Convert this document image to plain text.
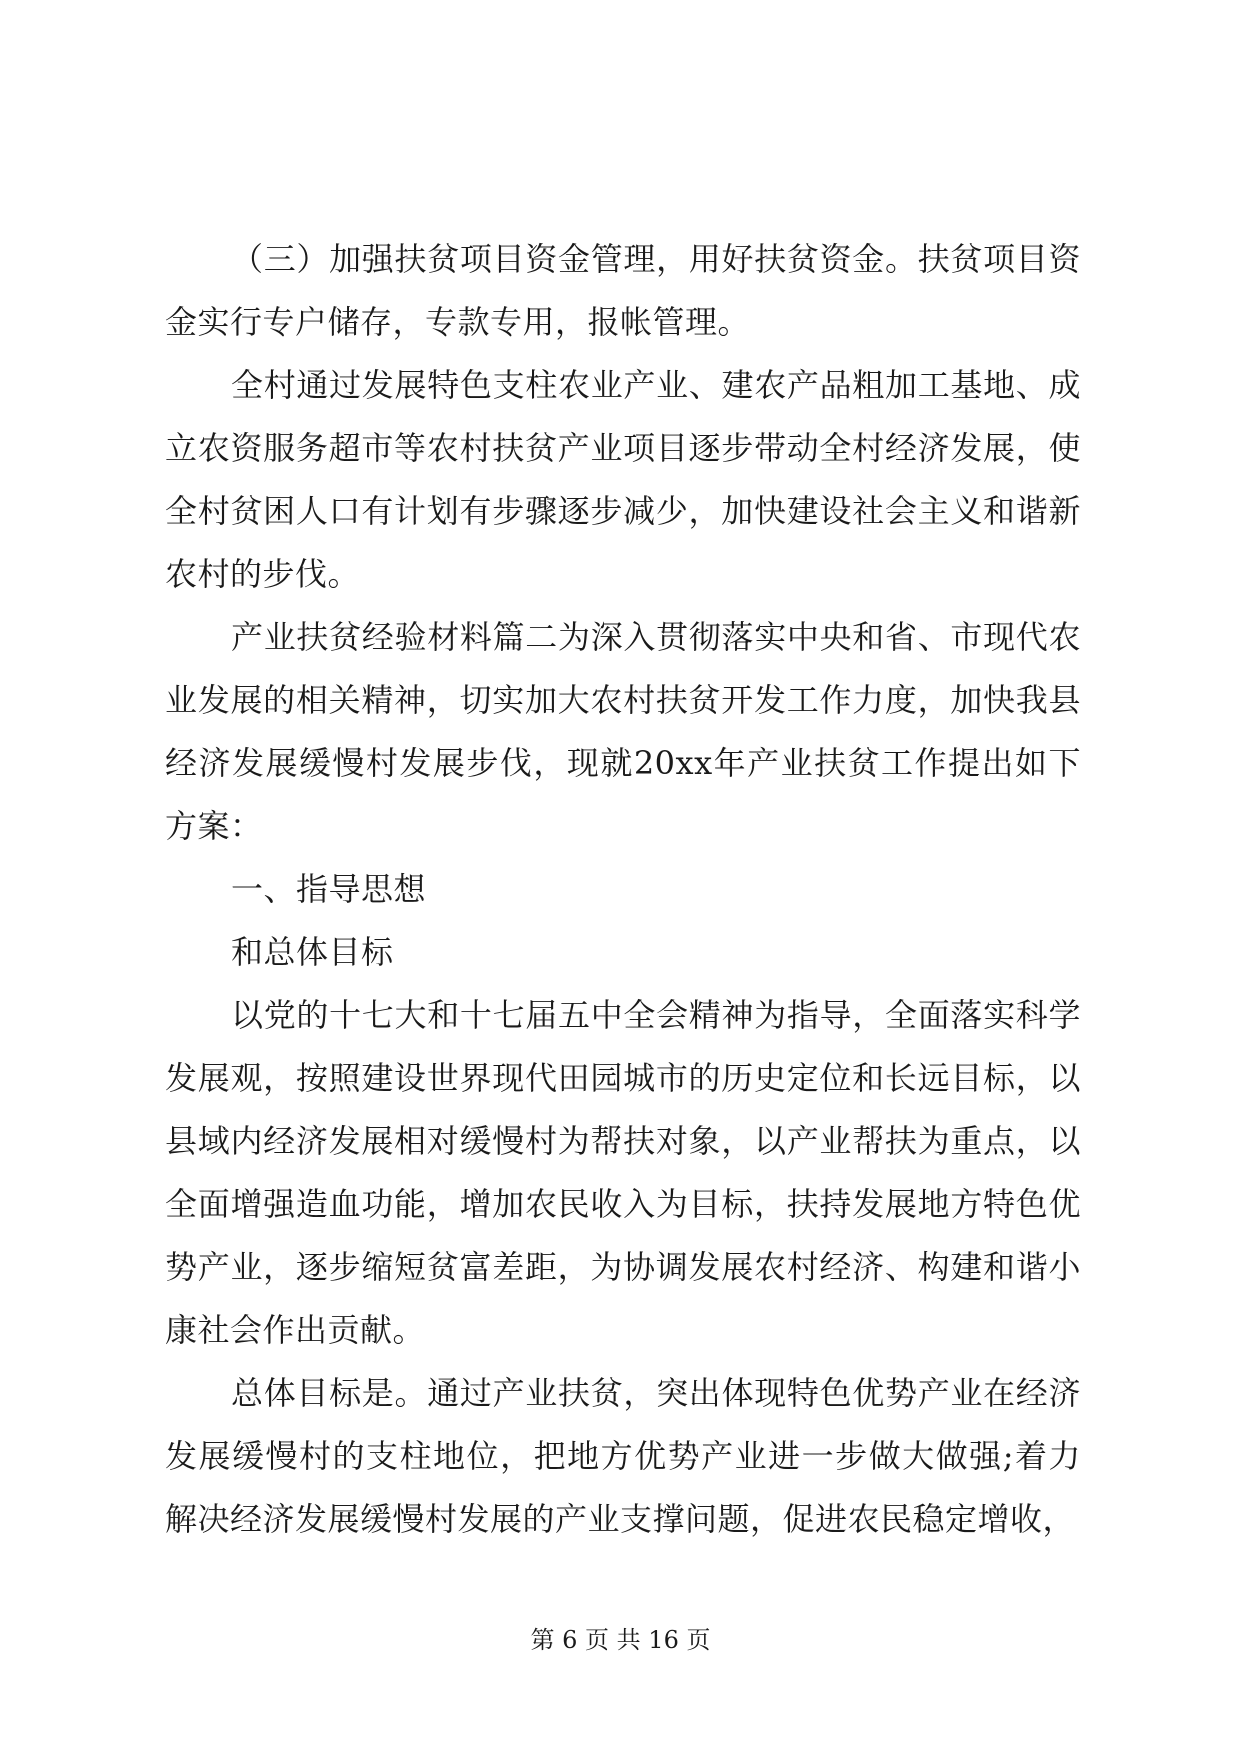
（三）加强扶贫项目资金管理，用好扶贫资金。扶贫项目资金实行专户储存，专款专用，报帐管理。

全村通过发展特色支柱农业产业、建农产品粗加工基地、成立农资服务超市等农村扶贫产业项目逐步带动全村经济发展，使全村贫困人口有计划有步骤逐步减少，加快建设社会主义和谐新农村的步伐。

产业扶贫经验材料篇二为深入贯彻落实中央和省、市现代农业发展的相关精神，切实加大农村扶贫开发工作力度，加快我县经济发展缓慢村发展步伐，现就20xx年产业扶贫工作提出如下方案：

一、指导思想

和总体目标

以党的十七大和十七届五中全会精神为指导，全面落实科学发展观，按照建设世界现代田园城市的历史定位和长远目标，以县域内经济发展相对缓慢村为帮扶对象，以产业帮扶为重点，以全面增强造血功能，增加农民收入为目标，扶持发展地方特色优势产业，逐步缩短贫富差距，为协调发展农村经济、构建和谐小康社会作出贡献。

总体目标是。通过产业扶贫，突出体现特色优势产业在经济发展缓慢村的支柱地位，把地方优势产业进一步做大做强;着力解决经济发展缓慢村发展的产业支撑问题，促进农民稳定增收，

第 6 页 共 16 页
